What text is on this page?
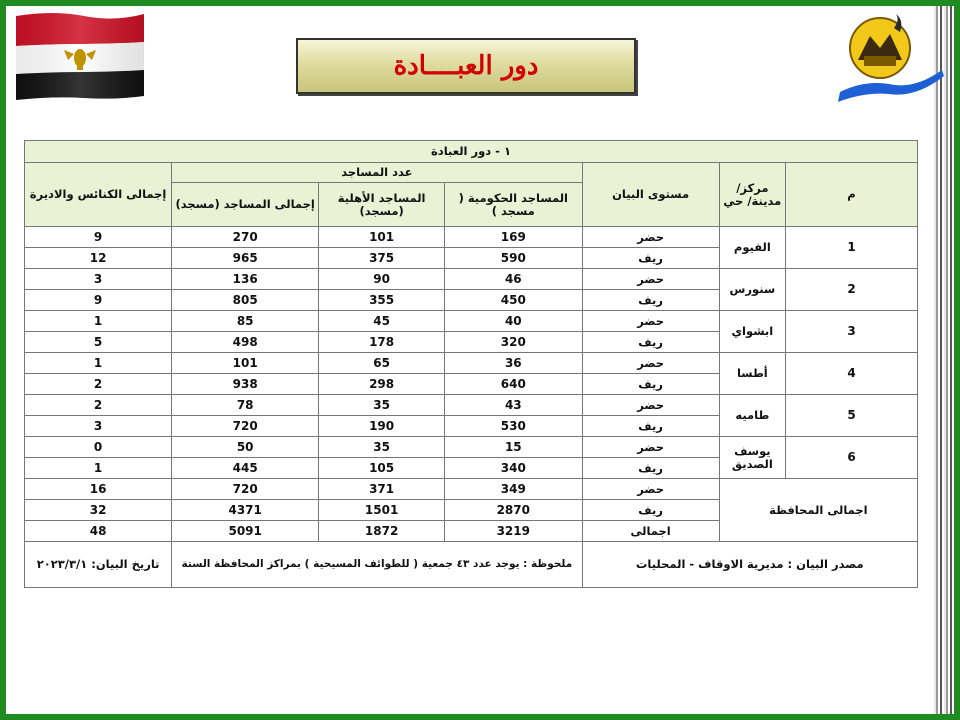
دور العبــــادة
١ - دور العبادة						
م	مركز/مدينة/ حي	مستوى البيان	عدد المساجد			إجمالى الكنائس والاديرة
			المساجد الحكومية ( مسجد )	المساجد الأهلية (مسجد)	إجمالى المساجد (مسجد)	
1	الفيوم	حضر	169	101	270	9
		ريف	590	375	965	12
2	سنورس	حضر	46	90	136	3
		ريف	450	355	805	9
3	ابشواي	حضر	40	45	85	1
		ريف	320	178	498	5
4	أطسا	حضر	36	65	101	1
		ريف	640	298	938	2
5	طاميه	حضر	43	35	78	2
		ريف	530	190	720	3
6	يوسف الصديق	حضر	15	35	50	0
		ريف	340	105	445	1
اجمالى المحافظة		حضر	349	371	720	16
		ريف	2870	1501	4371	32
		اجمالى	3219	1872	5091	48
مصدر البيان : مديرية الاوقاف - المحليات			ملحوظة : يوجد عدد ٤٣ جمعية ( للطوائف المسيحية ) بمراكز المحافظة الستة			تاريخ البيان: ٢٠٢٣/٣/١
